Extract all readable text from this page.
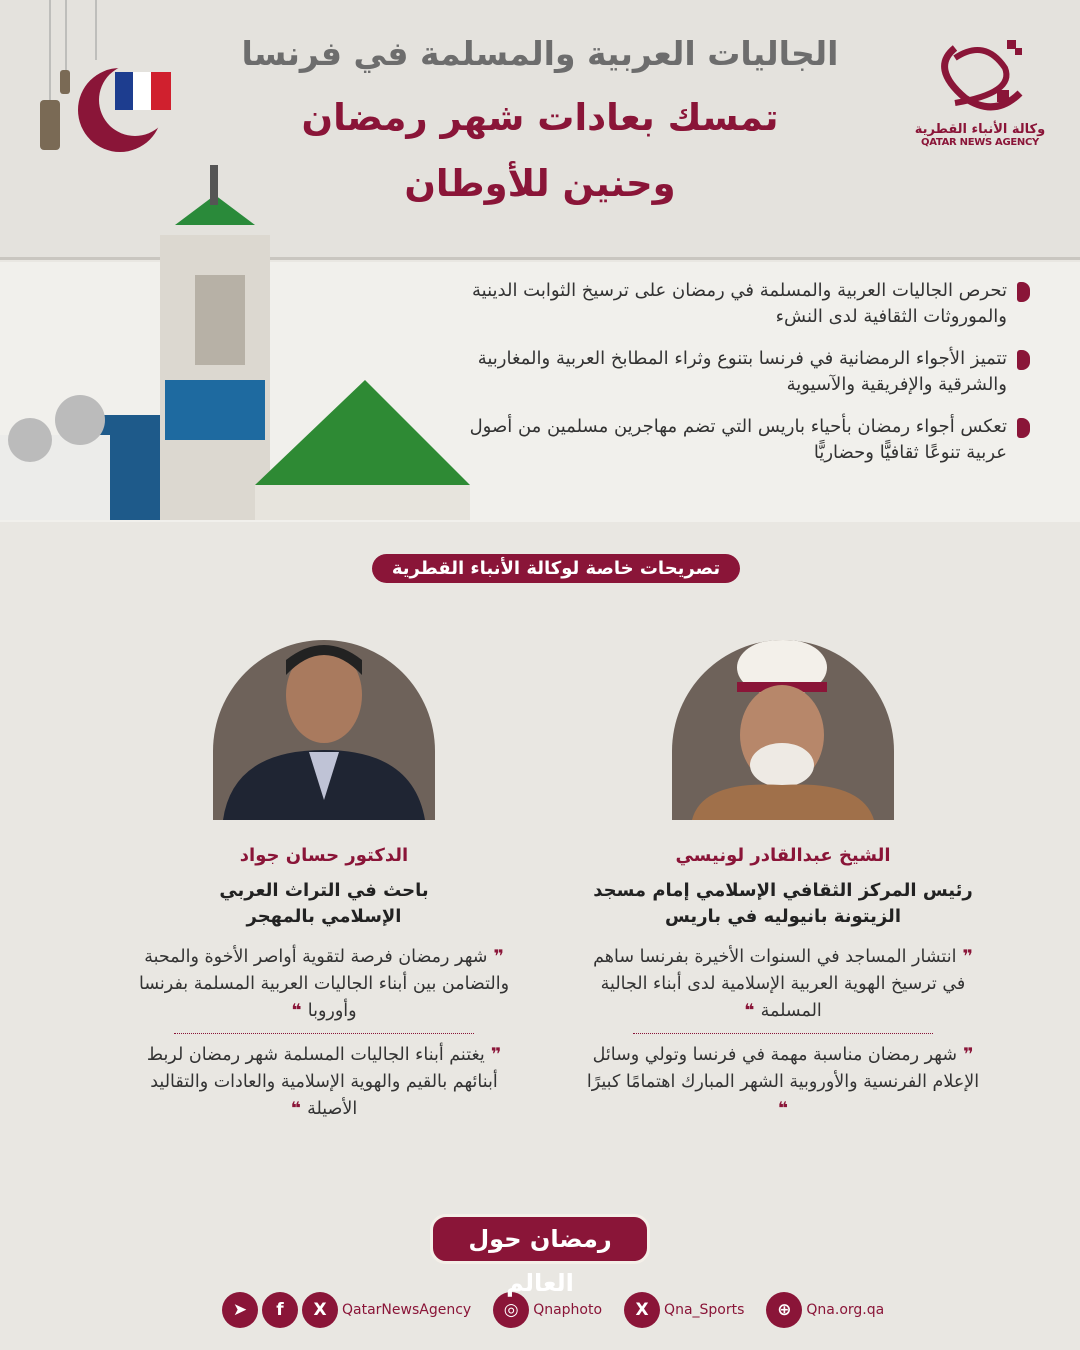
الجاليات العربية والمسلمة في فرنسا
تمسك بعادات شهر رمضان
وحنين للأوطان
وكالة الأنباء القطرية
QATAR NEWS AGENCY
تحرص الجاليات العربية والمسلمة في رمضان على ترسيخ الثوابت الدينية والموروثات الثقافية لدى النشء
تتميز الأجواء الرمضانية في فرنسا بتنوع وثراء المطابخ العربية والمغاربية والشرقية والإفريقية والآسيوية
تعكس أجواء رمضان بأحياء باريس التي تضم مهاجرين مسلمين من أصول عربية تنوعًا ثقافيًّا وحضاريًّا
تصريحات خاصة لوكالة الأنباء القطرية
الشيخ عبدالقادر لونيسي
رئيس المركز الثقافي الإسلامي إمام مسجد الزيتونة بانيوليه في باريس
❞ انتشار المساجد في السنوات الأخيرة بفرنسا ساهم في ترسيخ الهوية العربية الإسلامية لدى أبناء الجالية المسلمة ❝
❞ شهر رمضان مناسبة مهمة في فرنسا وتولي وسائل الإعلام الفرنسية والأوروبية الشهر المبارك اهتمامًا كبيرًا ❝
الدكتور حسان جواد
باحث في التراث العربي الإسلامي بالمهجر
❞ شهر رمضان فرصة لتقوية أواصر الأخوة والمحبة والتضامن بين أبناء الجاليات العربية المسلمة بفرنسا وأوروبا ❝
❞ يغتنم أبناء الجاليات المسلمة شهر رمضان لربط أبنائهم بالقيم والهوية الإسلامية والعادات والتقاليد الأصيلة ❝
رمضان حول العالم
➤	f	X	QatarNewsAgency	◎	Qnaphoto	X	Qna_Sports	⊕	Qna.org.qa
